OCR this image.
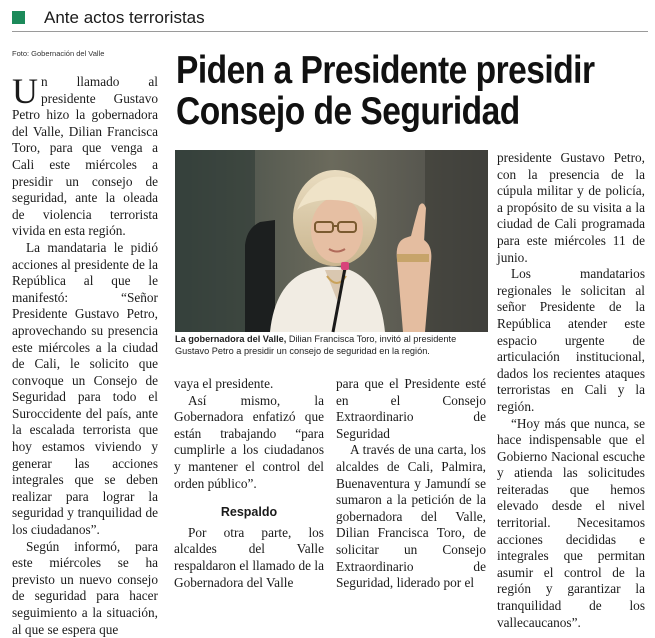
Ante actos terroristas
Foto: Gobernación del Valle Piden a Presidente presidir
Consejo de Seguridad

Un llamado al presidente Gustavo Petro hizo la gobernadora del Valle, Dilian Francisca Toro, para que venga a Cali este miércoles a presidir un consejo de seguridad, ante la oleada de violencia terrorista vivida en esta región.

La mandataria le pidió acciones al presidente de la República al que le manifestó: “Señor Presidente Gustavo Petro, aprovechando su presencia este miércoles a la ciudad de Cali, le solicito que convoque un Consejo de Seguridad para todo el Suroccidente del país, ante la escalada terrorista que hoy estamos viviendo y generar las acciones integrales que se deben realizar para lograr la seguridad y tranquilidad de los ciudadanos”.

Según informó, para este miércoles se ha previsto un nuevo consejo de seguridad para hacer seguimiento a la situación, al que se espera que

La gobernadora del Valle, Dilian Francisca Toro, invitó al presidente Gustavo Petro a presidir un consejo de seguridad en la región.

vaya el presidente.

Así mismo, la Gobernadora enfatizó que están trabajando “para cumplirle a los ciudadanos y mantener el control del orden público”.

Respaldo

Por otra parte, los alcaldes del Valle respaldaron el llamado de la Gobernadora del Valle

para que el Presidente esté en el Consejo Extraordinario de Seguridad

A través de una carta, los alcaldes de Cali, Palmira, Buenaventura y Jamundí se sumaron a la petición de la gobernadora del Valle, Dilian Francisca Toro, de solicitar un Consejo Extraordinario de Seguridad, liderado por el

presidente Gustavo Petro, con la presencia de la cúpula militar y de policía, a propósito de su visita a la ciudad de Cali programada para este miércoles 11 de junio.

Los mandatarios regionales le solicitan al señor Presidente de la República atender este espacio urgente de articulación institucional, dados los recientes ataques terroristas en Cali y la región.

“Hoy más que nunca, se hace indispensable que el Gobierno Nacional escuche y atienda las solicitudes reiteradas que hemos elevado desde el nivel territorial. Necesitamos acciones decididas e integrales que permitan asumir el control de la región y garantizar la tranquilidad de los vallecaucanos”.
